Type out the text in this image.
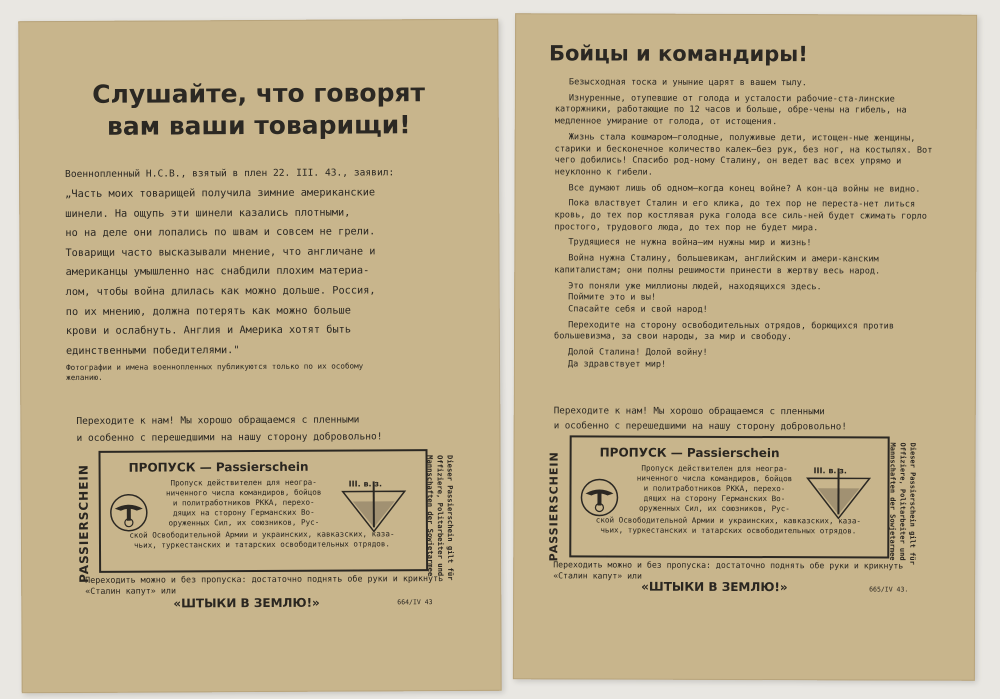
Слушайте, что говорят
вам ваши товарищи!
Военнопленный Н.С.В., взятый в плен 22. III. 43., заявил:
„Часть моих товарищей получила зимние американские
шинели. На ощупь эти шинели казались плотными,
но на деле они лопались по швам и совсем не грели.
Товарищи часто высказывали мнение, что англичане и
американцы умышленно нас снабдили плохим материа-
лом, чтобы война длилась как можно дольше. Россия,
по их мнению, должна потерять как можно больше
крови и ослабнуть. Англия и Америка хотят быть
единственными победителями."
Фотографии и имена военнопленных публикуются только по их особому
желанию.
Переходите к нам! Мы хорошо обращаемся с пленными
и особенно с перешедшими на нашу сторону добровольно!
PASSIERSCHEIN	ПРОПУСК — Passierschein
Пропуск действителен для неогра-
ниченного числа командиров, бойцов
и политработников РККА, перехо-
дящих на сторону Германских Во-
оруженных Сил, их союзников, Рус-
ской Освободительной Армии и украинских, кавказских, каза-
чьих, туркестанских и татарских освободительных отрядов.
III. в. з.	Dieser Passierschein gilt für
Offiziere, Politarbeiter und
Mannschaften der Sowjetarmee
Переходить можно и без пропуска: достаточно поднять обе руки и крикнуть
«Сталин капут» или
«ШТЫКИ В ЗЕМЛЮ!»	664/IV 43
Бойцы и командиры!

Безысходная тоска и уныние царят в вашем тылу.

Изнуренные, отупевшие от голода и усталости рабочие-ста-линские каторжники, работающие по 12 часов и больше, обре-чены на гибель, на медленное умирание от голода, от истощения.

Жизнь стала кошмаром—голодные, полуживые дети, истощен-ные женщины, старики и бесконечное количество калек—без рук, без ног, на костылях. Вот чего добились! Спасибо род-ному Сталину, он ведет вас всех упрямо и неуклонно к гибели.

Все думают лишь об одном—когда конец войне? А кон-ца войны не видно.

Пока властвует Сталин и его клика, до тех пор не переста-нет литься кровь, до тех пор костлявая рука голода все силь-ней будет сжимать горло простого, трудового люда, до тех пор не будет мира.

Трудящиеся не нужна война—им нужны мир и жизнь!

Война нужна Сталину, большевикам, английским и амери-канским капиталистам; они полны решимости принести в жертву весь народ.

Это поняли уже миллионы людей, находящихся здесь.

Поймите это и вы!

Спасайте себя и свой народ!

Переходите на сторону освободительных отрядов, борющихся против большевизма, за свои народы, за мир и свободу.

Долой Сталина! Долой войну!

Да здравствует мир!

Переходите к нам! Мы хорошо обращаемся с пленными
и особенно с перешедшими на нашу сторону добровольно!
PASSIERSCHEIN	ПРОПУСК — Passierschein
Пропуск действителен для неогра-
ниченного числа командиров, бойцов
и политработников РККА, перехо-
дящих на сторону Германских Во-
оруженных Сил, их союзников, Рус-
ской Освободительной Армии и украинских, кавказских, каза-
чьих, туркестанских и татарских освободительных отрядов.
III. в. з.	Dieser Passierschein gilt für
Offiziere, Politarbeiter und
Mannschaften der Sowjetarmee
Переходить можно и без пропуска: достаточно поднять обе руки и крикнуть
«Сталин капут» или
«ШТЫКИ В ЗЕМЛЮ!»	665/IV 43.
